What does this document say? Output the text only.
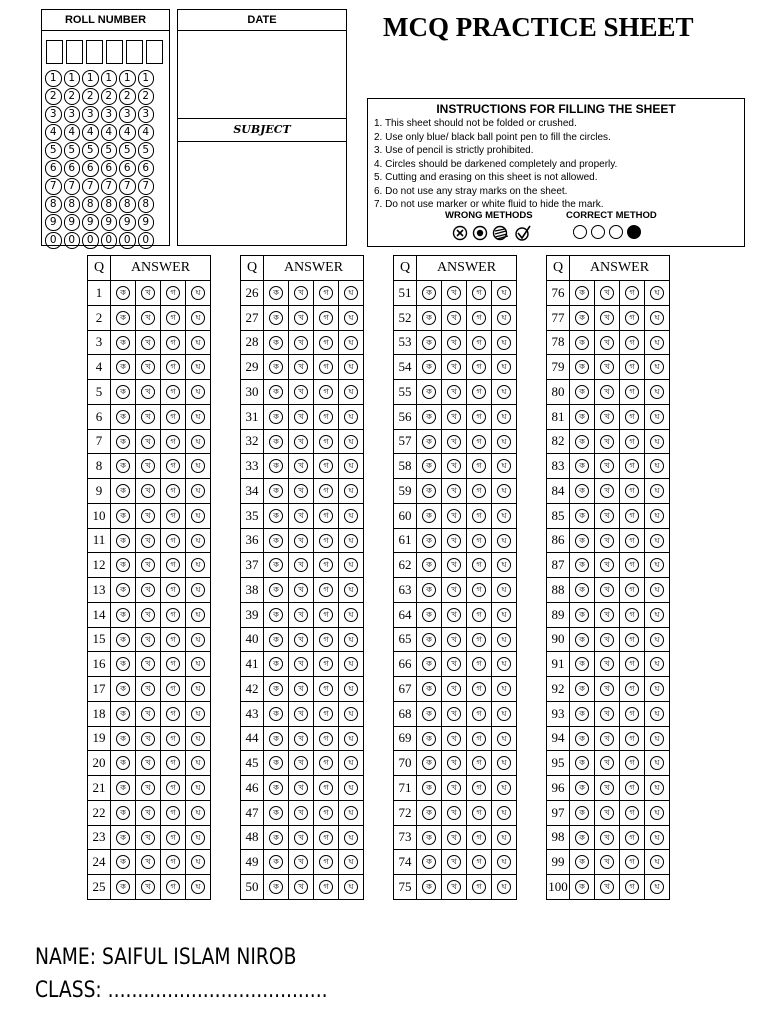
ROLL NUMBER
1	1	1	1	1	1
2	2	2	2	2	2
3	3	3	3	3	3
4	4	4	4	4	4
5	5	5	5	5	5
6	6	6	6	6	6
7	7	7	7	7	7
8	8	8	8	8	8
9	9	9	9	9	9
0	0	0	0	0	0
DATE
SUBJECT
MCQ PRACTICE SHEET
INSTRUCTIONS FOR FILLING THE SHEET
1. This sheet should not be folded or crushed.
2. Use only blue/ black ball point pen to fill the circles.
3. Use of pencil is strictly prohibited.
4. Circles should be darkened completely and properly.
5. Cutting and erasing on this sheet is not allowed.
6. Do not use any stray marks on the sheet.
7. Do not use marker or white fluid to hide the mark.
WRONG METHODS	CORRECT METHOD
Q	ANSWER			
1	ক	খ	গ	ঘ
2	ক	খ	গ	ঘ
3	ক	খ	গ	ঘ
4	ক	খ	গ	ঘ
5	ক	খ	গ	ঘ
6	ক	খ	গ	ঘ
7	ক	খ	গ	ঘ
8	ক	খ	গ	ঘ
9	ক	খ	গ	ঘ
10	ক	খ	গ	ঘ
11	ক	খ	গ	ঘ
12	ক	খ	গ	ঘ
13	ক	খ	গ	ঘ
14	ক	খ	গ	ঘ
15	ক	খ	গ	ঘ
16	ক	খ	গ	ঘ
17	ক	খ	গ	ঘ
18	ক	খ	গ	ঘ
19	ক	খ	গ	ঘ
20	ক	খ	গ	ঘ
21	ক	খ	গ	ঘ
22	ক	খ	গ	ঘ
23	ক	খ	গ	ঘ
24	ক	খ	গ	ঘ
25	ক	খ	গ	ঘ
Q	ANSWER			
26	ক	খ	গ	ঘ
27	ক	খ	গ	ঘ
28	ক	খ	গ	ঘ
29	ক	খ	গ	ঘ
30	ক	খ	গ	ঘ
31	ক	খ	গ	ঘ
32	ক	খ	গ	ঘ
33	ক	খ	গ	ঘ
34	ক	খ	গ	ঘ
35	ক	খ	গ	ঘ
36	ক	খ	গ	ঘ
37	ক	খ	গ	ঘ
38	ক	খ	গ	ঘ
39	ক	খ	গ	ঘ
40	ক	খ	গ	ঘ
41	ক	খ	গ	ঘ
42	ক	খ	গ	ঘ
43	ক	খ	গ	ঘ
44	ক	খ	গ	ঘ
45	ক	খ	গ	ঘ
46	ক	খ	গ	ঘ
47	ক	খ	গ	ঘ
48	ক	খ	গ	ঘ
49	ক	খ	গ	ঘ
50	ক	খ	গ	ঘ
Q	ANSWER			
51	ক	খ	গ	ঘ
52	ক	খ	গ	ঘ
53	ক	খ	গ	ঘ
54	ক	খ	গ	ঘ
55	ক	খ	গ	ঘ
56	ক	খ	গ	ঘ
57	ক	খ	গ	ঘ
58	ক	খ	গ	ঘ
59	ক	খ	গ	ঘ
60	ক	খ	গ	ঘ
61	ক	খ	গ	ঘ
62	ক	খ	গ	ঘ
63	ক	খ	গ	ঘ
64	ক	খ	গ	ঘ
65	ক	খ	গ	ঘ
66	ক	খ	গ	ঘ
67	ক	খ	গ	ঘ
68	ক	খ	গ	ঘ
69	ক	খ	গ	ঘ
70	ক	খ	গ	ঘ
71	ক	খ	গ	ঘ
72	ক	খ	গ	ঘ
73	ক	খ	গ	ঘ
74	ক	খ	গ	ঘ
75	ক	খ	গ	ঘ
Q	ANSWER			
76	ক	খ	গ	ঘ
77	ক	খ	গ	ঘ
78	ক	খ	গ	ঘ
79	ক	খ	গ	ঘ
80	ক	খ	গ	ঘ
81	ক	খ	গ	ঘ
82	ক	খ	গ	ঘ
83	ক	খ	গ	ঘ
84	ক	খ	গ	ঘ
85	ক	খ	গ	ঘ
86	ক	খ	গ	ঘ
87	ক	খ	গ	ঘ
88	ক	খ	গ	ঘ
89	ক	খ	গ	ঘ
90	ক	খ	গ	ঘ
91	ক	খ	গ	ঘ
92	ক	খ	গ	ঘ
93	ক	খ	গ	ঘ
94	ক	খ	গ	ঘ
95	ক	খ	গ	ঘ
96	ক	খ	গ	ঘ
97	ক	খ	গ	ঘ
98	ক	খ	গ	ঘ
99	ক	খ	গ	ঘ
100	ক	খ	গ	ঘ
NAME: SAIFUL ISLAM NIROB
CLASS: .....................................
